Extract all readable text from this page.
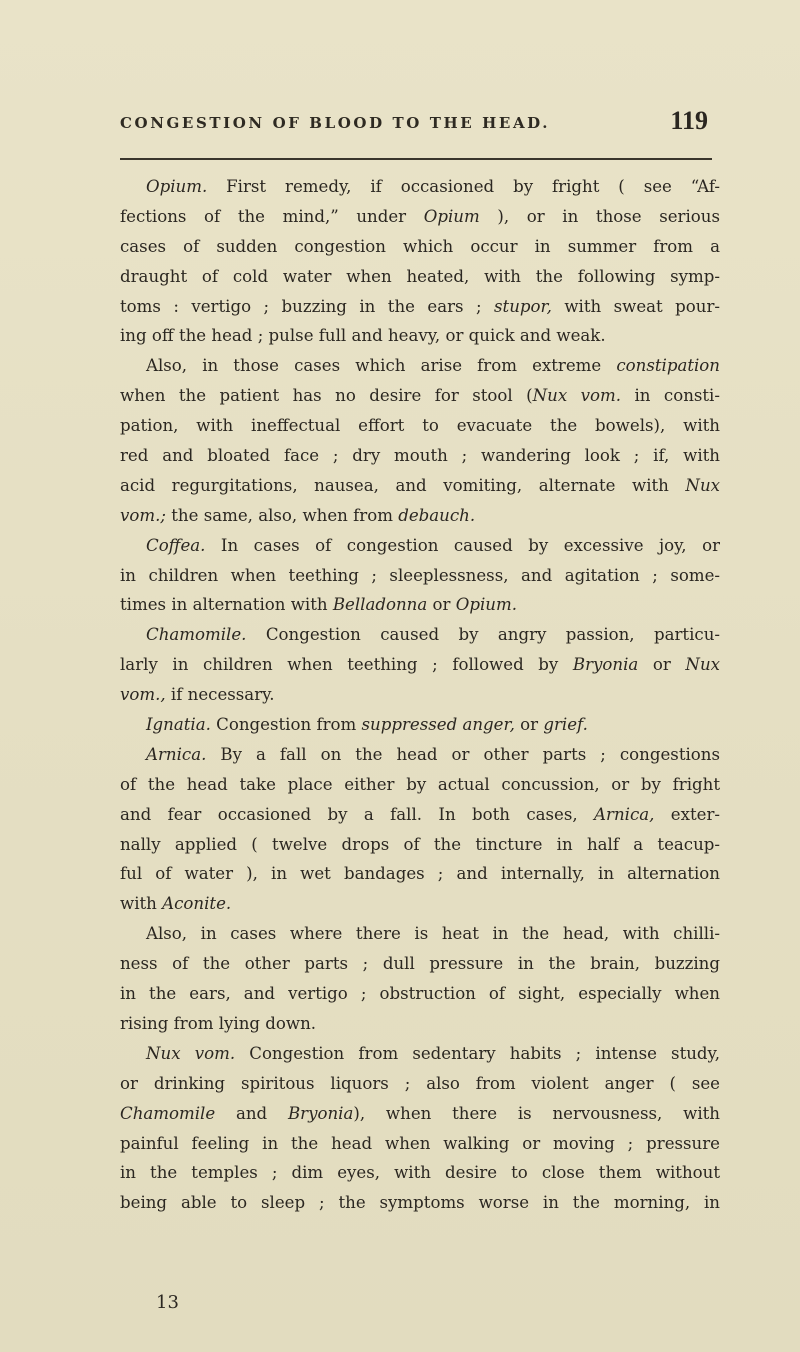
CONGESTION OF BLOOD TO THE HEAD.	119
Opium. First remedy, if occasioned by fright ( see “Af-
fections of the mind,” under Opium ), or in those serious
cases of sudden congestion which occur in summer from a
draught of cold water when heated, with the following symp-
toms : vertigo ; buzzing in the ears ; stupor, with sweat pour-
ing off the head ; pulse full and heavy, or quick and weak.
Also, in those cases which arise from extreme constipation
when the patient has no desire for stool (Nux vom. in consti-
pation, with ineffectual effort to evacuate the bowels), with
red and bloated face ; dry mouth ; wandering look ; if, with
acid regurgitations, nausea, and vomiting, alternate with Nux
vom.; the same, also, when from debauch.
Coffea. In cases of congestion caused by excessive joy, or
in children when teething ; sleeplessness, and agitation ; some-
times in alternation with Belladonna or Opium.
Chamomile. Congestion caused by angry passion, particu-
larly in children when teething ; followed by Bryonia or Nux
vom., if necessary.
Ignatia. Congestion from suppressed anger, or grief.
Arnica. By a fall on the head or other parts ; congestions
of the head take place either by actual concussion, or by fright
and fear occasioned by a fall. In both cases, Arnica, exter-
nally applied ( twelve drops of the tincture in half a teacup-
ful of water ), in wet bandages ; and internally, in alternation
with Aconite.
Also, in cases where there is heat in the head, with chilli-
ness of the other parts ; dull pressure in the brain, buzzing
in the ears, and vertigo ; obstruction of sight, especially when
rising from lying down.
Nux vom. Congestion from sedentary habits ; intense study,
or drinking spiritous liquors ; also from violent anger ( see
Chamomile and Bryonia), when there is nervousness, with
painful feeling in the head when walking or moving ; pressure
in the temples ; dim eyes, with desire to close them without
being able to sleep ; the symptoms worse in the morning, in
13
